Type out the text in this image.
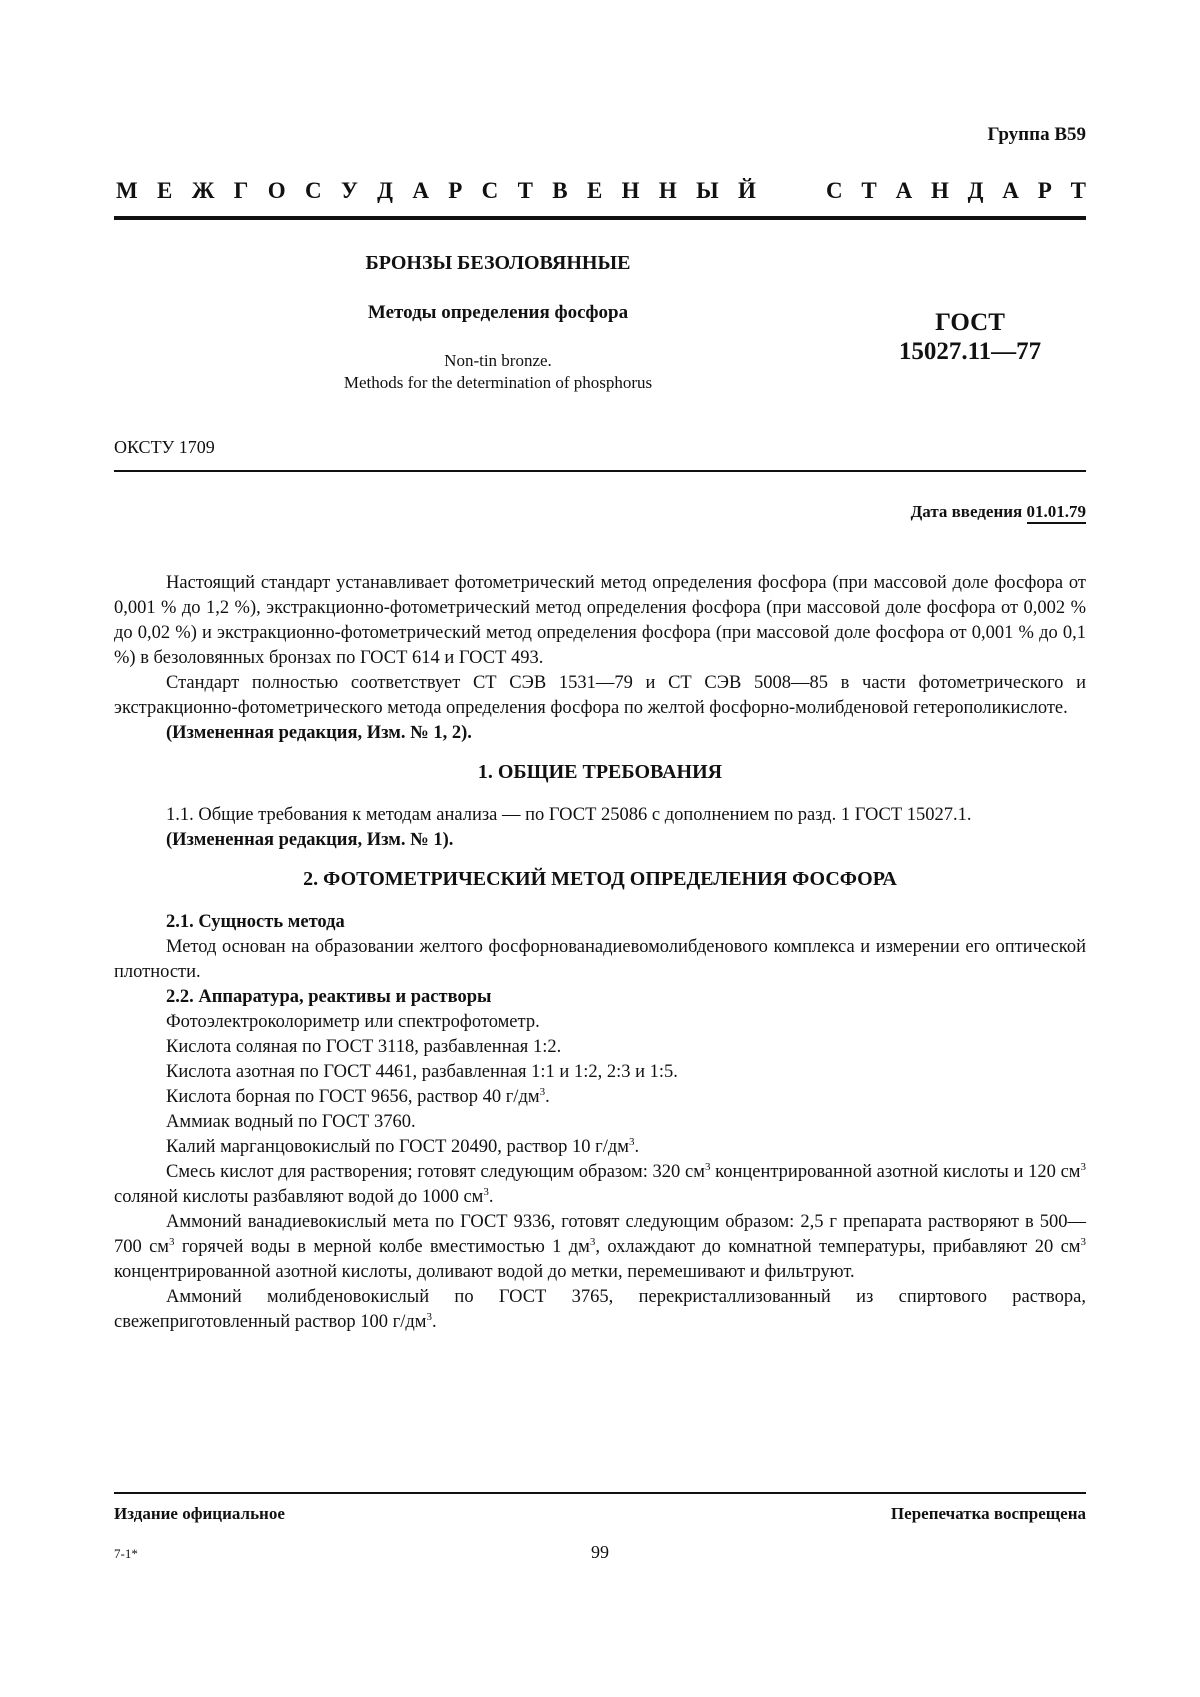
Группа В59
М Е Ж Г О С У Д А Р С Т В Е Н Н Ы Й	С Т А Н Д А Р Т
БРОНЗЫ БЕЗОЛОВЯННЫЕ
Методы определения фосфора
Non-tin bronze.
Methods for the determination of phosphorus
ГОСТ
15027.11—77
ОКСТУ 1709
Дата введения 01.01.79

Настоящий стандарт устанавливает фотометрический метод определения фосфора (при массовой доле фосфора от 0,001 % до 1,2 %), экстракционно-фотометрический метод определения фосфора (при массовой доле фосфора от 0,002 % до 0,02 %) и экстракционно-фотометрический метод определения фосфора (при массовой доле фосфора от 0,001 % до 0,1 %) в безоловянных бронзах по ГОСТ 614 и ГОСТ 493.

Стандарт полностью соответствует СТ СЭВ 1531—79 и СТ СЭВ 5008—85 в части фотометрического и экстракционно-фотометрического метода определения фосфора по желтой фосфорно-молибденовой гетерополикислоте.

(Измененная редакция, Изм. № 1, 2).

1. ОБЩИЕ ТРЕБОВАНИЯ

1.1. Общие требования к методам анализа — по ГОСТ 25086 с дополнением по разд. 1 ГОСТ 15027.1.

(Измененная редакция, Изм. № 1).

2. ФОТОМЕТРИЧЕСКИЙ МЕТОД ОПРЕДЕЛЕНИЯ ФОСФОРА

2.1. Сущность метода

Метод основан на образовании желтого фосфорнованадиевомолибденового комплекса и измерении его оптической плотности.

2.2. Аппаратура, реактивы и растворы

Фотоэлектроколориметр или спектрофотометр.

Кислота соляная по ГОСТ 3118, разбавленная 1:2.

Кислота азотная по ГОСТ 4461, разбавленная 1:1 и 1:2, 2:3 и 1:5.

Кислота борная по ГОСТ 9656, раствор 40 $г/дм^3$.

Аммиак водный по ГОСТ 3760.

Калий марганцовокислый по ГОСТ 20490, раствор 10 $г/дм^3$.

Смесь кислот для растворения; готовят следующим образом: 320 $см^3$ концентрированной азотной кислоты и 120 $см^3$ соляной кислоты разбавляют водой до 1000 $см^3$.

Аммоний ванадиевокислый мета по ГОСТ 9336, готовят следующим образом: 2,5 г препарата растворяют в 500—700 $см^3$ горячей воды в мерной колбе вместимостью 1 $дм^3$, охлаждают до комнатной температуры, прибавляют 20 $см^3$ концентрированной азотной кислоты, доливают водой до метки, перемешивают и фильтруют.

Аммоний молибденовокислый по ГОСТ 3765, перекристаллизованный из спиртового раствора, свежеприготовленный раствор 100 $г/дм^3$.

Издание официальное	Перепечатка воспрещена
7-1*	99
